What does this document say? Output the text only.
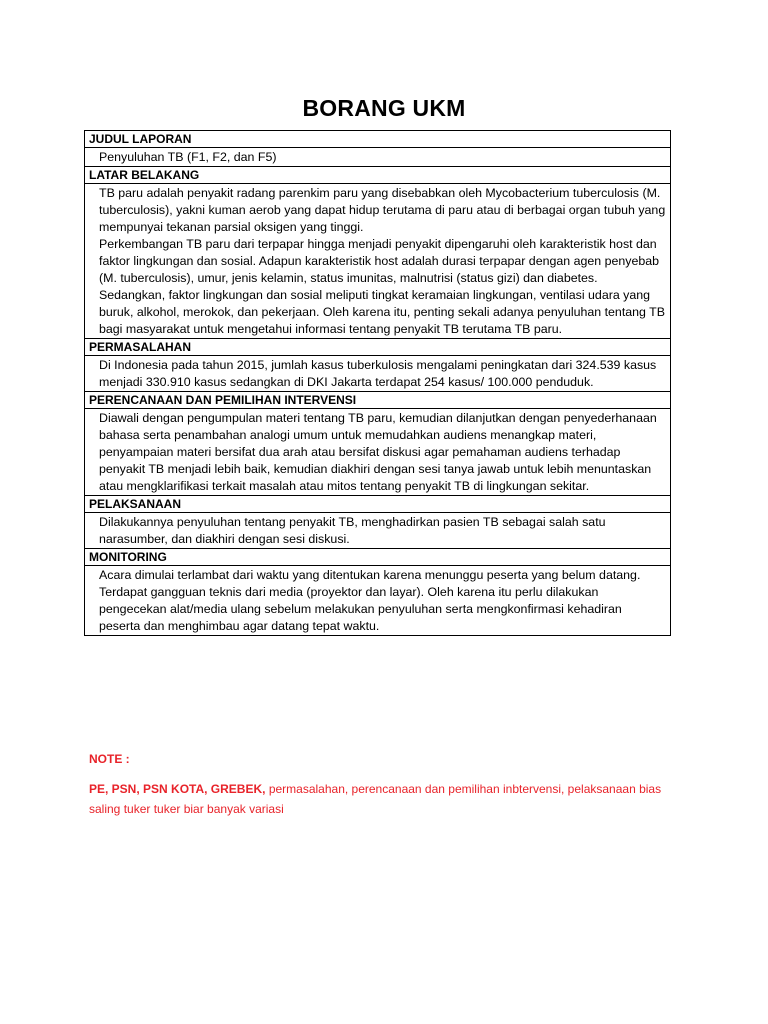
BORANG UKM
JUDUL LAPORAN

Penyuluhan TB (F1, F2, dan F5)

LATAR BELAKANG

TB paru adalah penyakit radang parenkim paru yang disebabkan oleh Mycobacterium tuberculosis (M. tuberculosis), yakni kuman aerob yang dapat hidup terutama di paru atau di berbagai organ tubuh yang mempunyai tekanan parsial oksigen yang tinggi.

Perkembangan TB paru dari terpapar hingga menjadi penyakit dipengaruhi oleh karakteristik host dan faktor lingkungan dan sosial. Adapun karakteristik host adalah durasi terpapar dengan agen penyebab (M. tuberculosis), umur, jenis kelamin, status imunitas, malnutrisi (status gizi) dan diabetes. Sedangkan, faktor lingkungan dan sosial meliputi tingkat keramaian lingkungan, ventilasi udara yang buruk, alkohol, merokok, dan pekerjaan. Oleh karena itu, penting sekali adanya penyuluhan tentang TB bagi masyarakat untuk mengetahui informasi tentang penyakit TB terutama TB paru.

PERMASALAHAN

Di Indonesia pada tahun 2015, jumlah kasus tuberkulosis mengalami peningkatan dari 324.539 kasus menjadi 330.910 kasus sedangkan di DKI Jakarta terdapat 254 kasus/ 100.000 penduduk.

PERENCANAAN DAN PEMILIHAN INTERVENSI

Diawali dengan pengumpulan materi tentang TB paru, kemudian dilanjutkan dengan penyederhanaan bahasa serta penambahan analogi umum untuk memudahkan audiens menangkap materi, penyampaian materi bersifat dua arah atau bersifat diskusi agar pemahaman audiens terhadap penyakit TB menjadi lebih baik, kemudian diakhiri dengan sesi tanya jawab untuk lebih menuntaskan atau mengklarifikasi terkait masalah atau mitos tentang penyakit TB di lingkungan sekitar.

PELAKSANAAN

Dilakukannya penyuluhan tentang penyakit TB, menghadirkan pasien TB sebagai salah satu narasumber, dan diakhiri dengan sesi diskusi.

MONITORING

Acara dimulai terlambat dari waktu yang ditentukan karena menunggu peserta yang belum datang. Terdapat gangguan teknis dari media (proyektor dan layar). Oleh karena itu perlu dilakukan pengecekan alat/media ulang sebelum melakukan penyuluhan serta mengkonfirmasi kehadiran peserta dan menghimbau agar datang tepat waktu.

NOTE :
PE, PSN, PSN KOTA, GREBEK, permasalahan, perencanaan dan pemilihan inbtervensi, pelaksanaan bias saling tuker tuker biar banyak variasi
